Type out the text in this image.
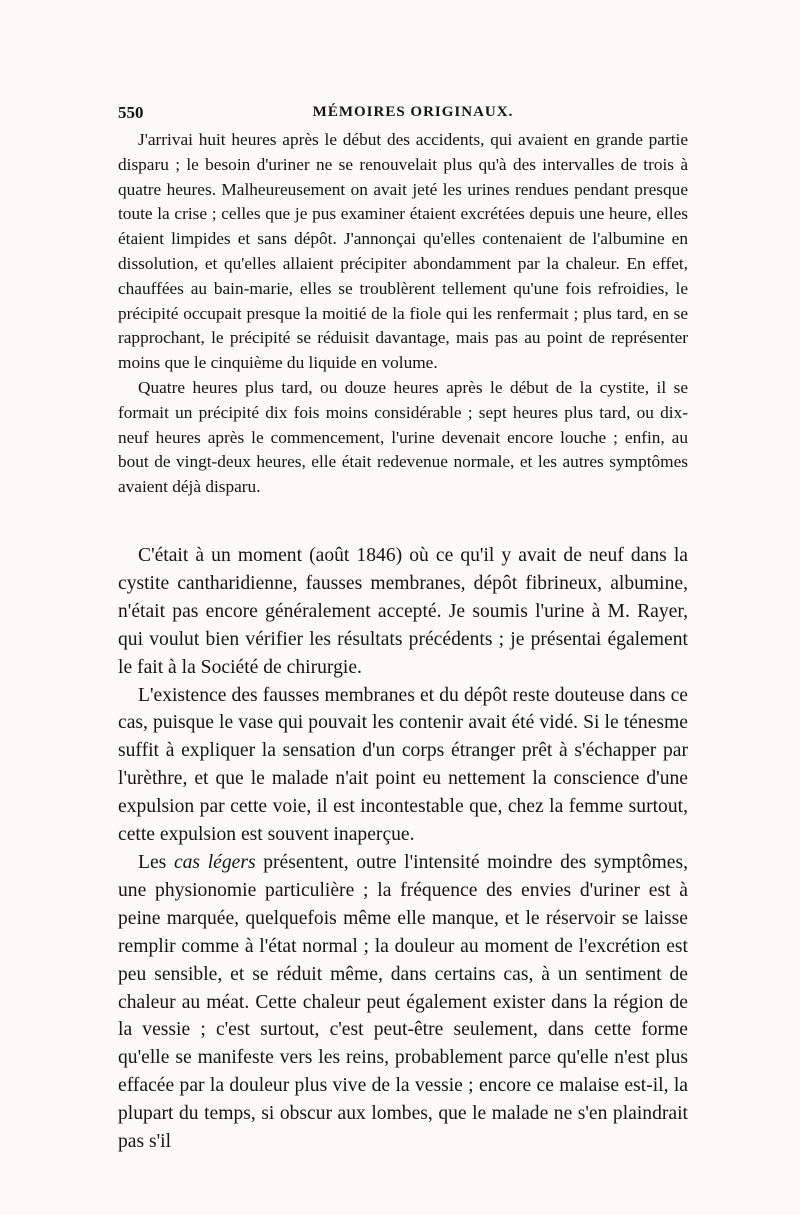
550	MÉMOIRES ORIGINAUX.

J'arrivai huit heures après le début des accidents, qui avaient en grande partie disparu ; le besoin d'uriner ne se renouvelait plus qu'à des intervalles de trois à quatre heures. Malheureusement on avait jeté les urines rendues pendant presque toute la crise ; celles que je pus examiner étaient excrétées depuis une heure, elles étaient limpides et sans dépôt. J'annonçai qu'elles contenaient de l'albumine en dissolution, et qu'elles allaient précipiter abondamment par la chaleur. En effet, chauffées au bain-marie, elles se troublèrent tellement qu'une fois refroidies, le précipité occupait presque la moitié de la fiole qui les renfermait ; plus tard, en se rapprochant, le précipité se réduisit davantage, mais pas au point de représenter moins que le cinquième du liquide en volume.

Quatre heures plus tard, ou douze heures après le début de la cystite, il se formait un précipité dix fois moins considérable ; sept heures plus tard, ou dix-neuf heures après le commencement, l'urine devenait encore louche ; enfin, au bout de vingt-deux heures, elle était redevenue normale, et les autres symptômes avaient déjà disparu.

C'était à un moment (août 1846) où ce qu'il y avait de neuf dans la cystite cantharidienne, fausses membranes, dépôt fibrineux, albumine, n'était pas encore généralement accepté. Je soumis l'urine à M. Rayer, qui voulut bien vérifier les résultats précédents ; je présentai également le fait à la Société de chirurgie.

L'existence des fausses membranes et du dépôt reste douteuse dans ce cas, puisque le vase qui pouvait les contenir avait été vidé. Si le ténesme suffit à expliquer la sensation d'un corps étranger prêt à s'échapper par l'urèthre, et que le malade n'ait point eu nettement la conscience d'une expulsion par cette voie, il est incontestable que, chez la femme surtout, cette expulsion est souvent inaperçue.

Les cas légers présentent, outre l'intensité moindre des symptômes, une physionomie particulière ; la fréquence des envies d'uriner est à peine marquée, quelquefois même elle manque, et le réservoir se laisse remplir comme à l'état normal ; la douleur au moment de l'excrétion est peu sensible, et se réduit même, dans certains cas, à un sentiment de chaleur au méat. Cette chaleur peut également exister dans la région de la vessie ; c'est surtout, c'est peut-être seulement, dans cette forme qu'elle se manifeste vers les reins, probablement parce qu'elle n'est plus effacée par la douleur plus vive de la vessie ; encore ce malaise est-il, la plupart du temps, si obscur aux lombes, que le malade ne s'en plaindrait pas s'il
